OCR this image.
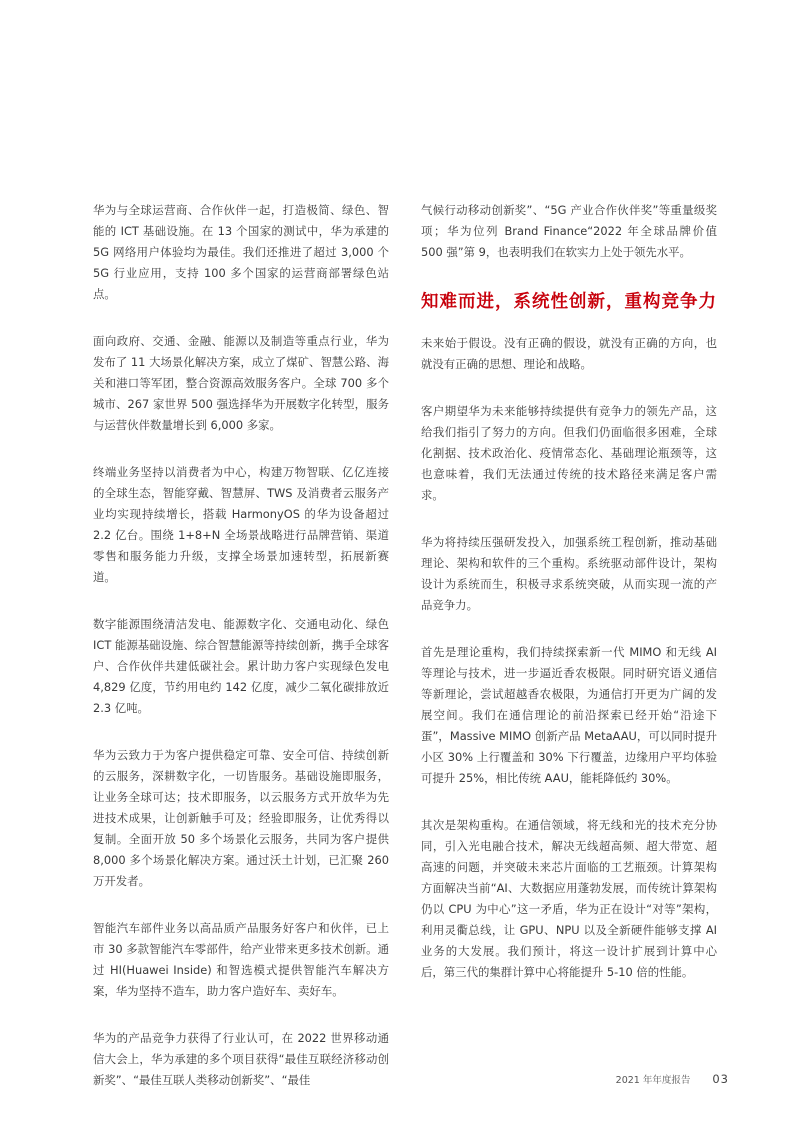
华为与全球运营商、合作伙伴一起，打造极简、绿色、智能的 ICT 基础设施。在 13 个国家的测试中，华为承建的 5G 网络用户体验均为最佳。我们还推进了超过 3,000 个 5G 行业应用，支持 100 多个国家的运营商部署绿色站点。

面向政府、交通、金融、能源以及制造等重点行业，华为发布了 11 大场景化解决方案，成立了煤矿、智慧公路、海关和港口等军团，整合资源高效服务客户。全球 700 多个城市、267 家世界 500 强选择华为开展数字化转型，服务与运营伙伴数量增长到 6,000 多家。

终端业务坚持以消费者为中心，构建万物智联、亿亿连接的全球生态，智能穿戴、智慧屏、TWS 及消费者云服务产业均实现持续增长，搭载 HarmonyOS 的华为设备超过 2.2 亿台。围绕 1+8+N 全场景战略进行品牌营销、渠道零售和服务能力升级，支撑全场景加速转型，拓展新赛道。

数字能源围绕清洁发电、能源数字化、交通电动化、绿色 ICT 能源基础设施、综合智慧能源等持续创新，携手全球客户、合作伙伴共建低碳社会。累计助力客户实现绿色发电 4,829 亿度，节约用电约 142 亿度，减少二氧化碳排放近 2.3 亿吨。

华为云致力于为客户提供稳定可靠、安全可信、持续创新的云服务，深耕数字化，一切皆服务。基础设施即服务，让业务全球可达；技术即服务，以云服务方式开放华为先进技术成果，让创新触手可及；经验即服务，让优秀得以复制。全面开放 50 多个场景化云服务，共同为客户提供 8,000 多个场景化解决方案。通过沃土计划，已汇聚 260 万开发者。

智能汽车部件业务以高品质产品服务好客户和伙伴，已上市 30 多款智能汽车零部件，给产业带来更多技术创新。通过 HI(Huawei Inside) 和智选模式提供智能汽车解决方案，华为坚持不造车，助力客户造好车、卖好车。

华为的产品竞争力获得了行业认可，在 2022 世界移动通信大会上，华为承建的多个项目获得“最佳互联经济移动创新奖”、“最佳互联人类移动创新奖”、“最佳

气候行动移动创新奖”、“5G 产业合作伙伴奖”等重量级奖项；华为位列 Brand Finance“2022 年全球品牌价值 500 强”第 9，也表明我们在软实力上处于领先水平。

知难而进，系统性创新，重构竞争力

未来始于假设。没有正确的假设，就没有正确的方向，也就没有正确的思想、理论和战略。

客户期望华为未来能够持续提供有竞争力的领先产品，这给我们指引了努力的方向。但我们仍面临很多困难，全球化割据、技术政治化、疫情常态化、基础理论瓶颈等，这也意味着，我们无法通过传统的技术路径来满足客户需求。

华为将持续压强研发投入，加强系统工程创新，推动基础理论、架构和软件的三个重构。系统驱动部件设计，架构设计为系统而生，积极寻求系统突破，从而实现一流的产品竞争力。

首先是理论重构，我们持续探索新一代 MIMO 和无线 AI 等理论与技术，进一步逼近香农极限。同时研究语义通信等新理论，尝试超越香农极限，为通信打开更为广阔的发展空间。我们在通信理论的前沿探索已经开始“沿途下蛋”，Massive MIMO 创新产品 MetaAAU，可以同时提升小区 30% 上行覆盖和 30% 下行覆盖，边缘用户平均体验可提升 25%，相比传统 AAU，能耗降低约 30%。

其次是架构重构。在通信领域，将无线和光的技术充分协同，引入光电融合技术，解决无线超高频、超大带宽、超高速的问题，并突破未来芯片面临的工艺瓶颈。计算架构方面解决当前“AI、大数据应用蓬勃发展，而传统计算架构仍以 CPU 为中心”这一矛盾，华为正在设计“对等”架构，利用灵衢总线，让 GPU、NPU 以及全新硬件能够支撑 AI 业务的大发展。我们预计，将这一设计扩展到计算中心后，第三代的集群计算中心将能提升 5-10 倍的性能。

2021 年年度报告 03
